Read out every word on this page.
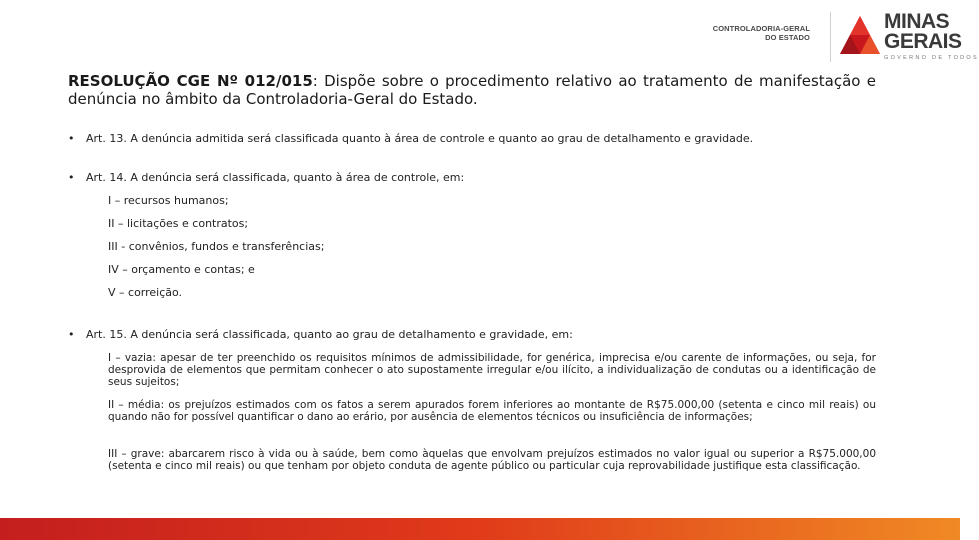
CONTROLADORIA-GERAL
DO ESTADO
MINAS
GERAIS
GOVERNO DE TODOS
RESOLUÇÃO CGE Nº 012/015: Dispõe sobre o procedimento relativo ao tratamento de manifestação e denúncia no âmbito da Controladoria-Geral do Estado.
• Art. 13. A denúncia admitida será classificada quanto à área de controle e quanto ao grau de detalhamento e gravidade.
• Art. 14. A denúncia será classificada, quanto à área de controle, em:
I – recursos humanos;
II – licitações e contratos;
III - convênios, fundos e transferências;
IV – orçamento e contas; e
V – correição.
• Art. 15. A denúncia será classificada, quanto ao grau de detalhamento e gravidade, em:
I – vazia: apesar de ter preenchido os requisitos mínimos de admissibilidade, for genérica, imprecisa e/ou carente de informações, ou seja, for desprovida de elementos que permitam conhecer o ato supostamente irregular e/ou ilícito, a individualização de condutas ou a identificação de seus sujeitos;
II – média: os prejuízos estimados com os fatos a serem apurados forem inferiores ao montante de R$75.000,00 (setenta e cinco mil reais) ou quando não for possível quantificar o dano ao erário, por ausência de elementos técnicos ou insuficiência de informações;
III – grave: abarcarem risco à vida ou à saúde, bem como àquelas que envolvam prejuízos estimados no valor igual ou superior a R$75.000,00 (setenta e cinco mil reais) ou que tenham por objeto conduta de agente público ou particular cuja reprovabilidade justifique esta classificação.
